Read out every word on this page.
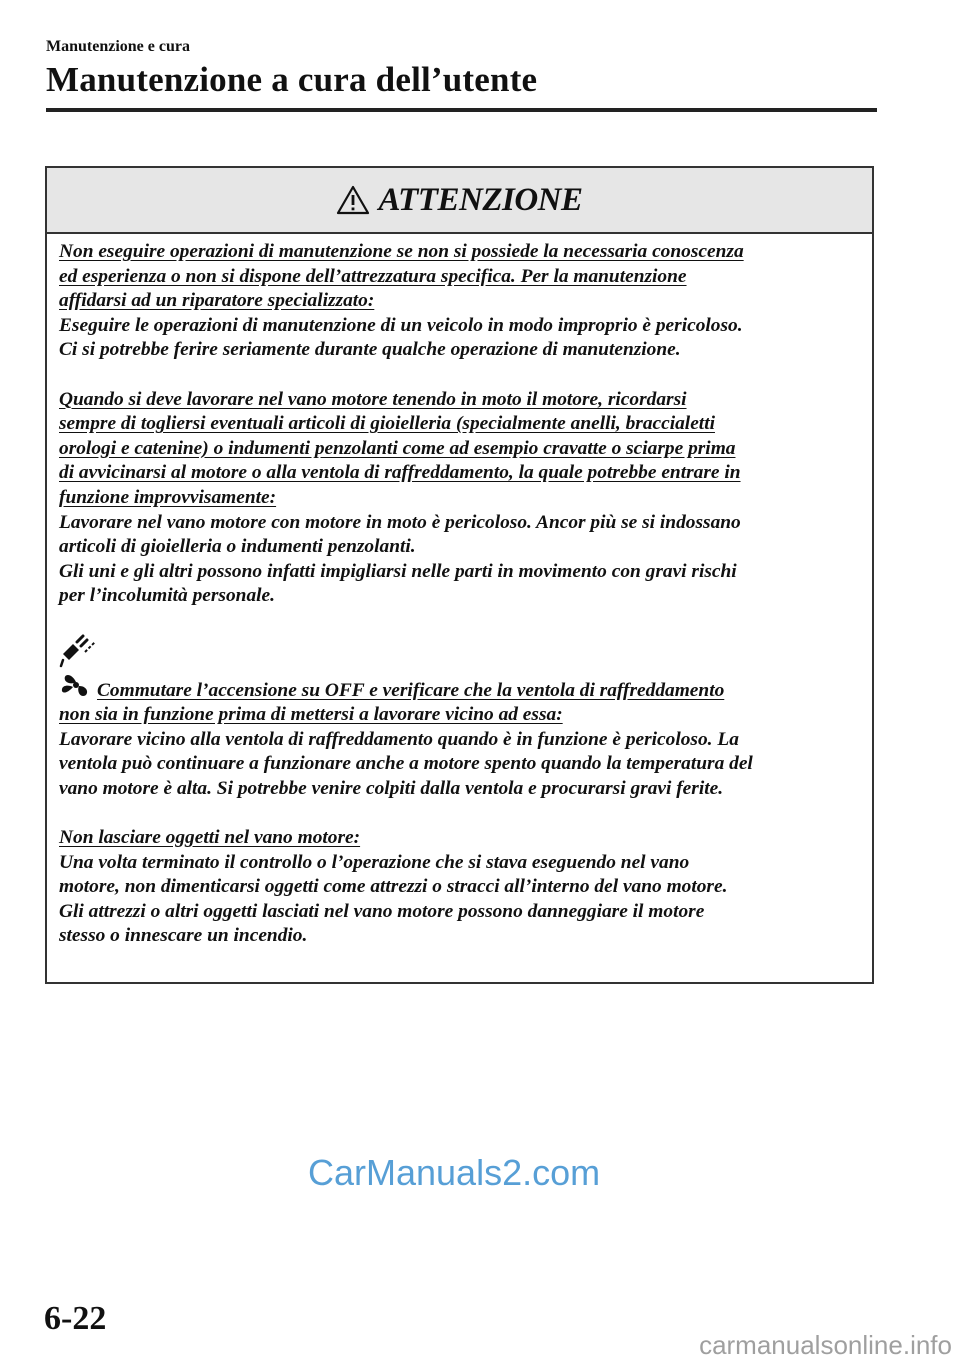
Manutenzione e cura
Manutenzione a cura dell’utente
ATTENZIONE
Non eseguire operazioni di manutenzione se non si possiede la necessaria conoscenza
ed esperienza o non si dispone dell’attrezzatura specifica. Per la manutenzione
affidarsi ad un riparatore specializzato:
Eseguire le operazioni di manutenzione di un veicolo in modo improprio è pericoloso.
Ci si potrebbe ferire seriamente durante qualche operazione di manutenzione.
Quando si deve lavorare nel vano motore tenendo in moto il motore, ricordarsi
sempre di togliersi eventuali articoli di gioielleria (specialmente anelli, braccialetti
orologi e catenine) o indumenti penzolanti come ad esempio cravatte o sciarpe prima
di avvicinarsi al motore o alla ventola di raffreddamento, la quale potrebbe entrare in
funzione improvvisamente:
Lavorare nel vano motore con motore in moto è pericoloso. Ancor più se si indossano
articoli di gioielleria o indumenti penzolanti.
Gli uni e gli altri possono infatti impigliarsi nelle parti in movimento con gravi rischi
per l’incolumità personale.
Commutare l’accensione su OFF e verificare che la ventola di raffreddamento
non sia in funzione prima di mettersi a lavorare vicino ad essa:
Lavorare vicino alla ventola di raffreddamento quando è in funzione è pericoloso. La
ventola può continuare a funzionare anche a motore spento quando la temperatura del
vano motore è alta. Si potrebbe venire colpiti dalla ventola e procurarsi gravi ferite.
Non lasciare oggetti nel vano motore:
Una volta terminato il controllo o l’operazione che si stava eseguendo nel vano
motore, non dimenticarsi oggetti come attrezzi o stracci all’interno del vano motore.
Gli attrezzi o altri oggetti lasciati nel vano motore possono danneggiare il motore
stesso o innescare un incendio.
CarManuals2.com
6-22
carmanualsonline.info
